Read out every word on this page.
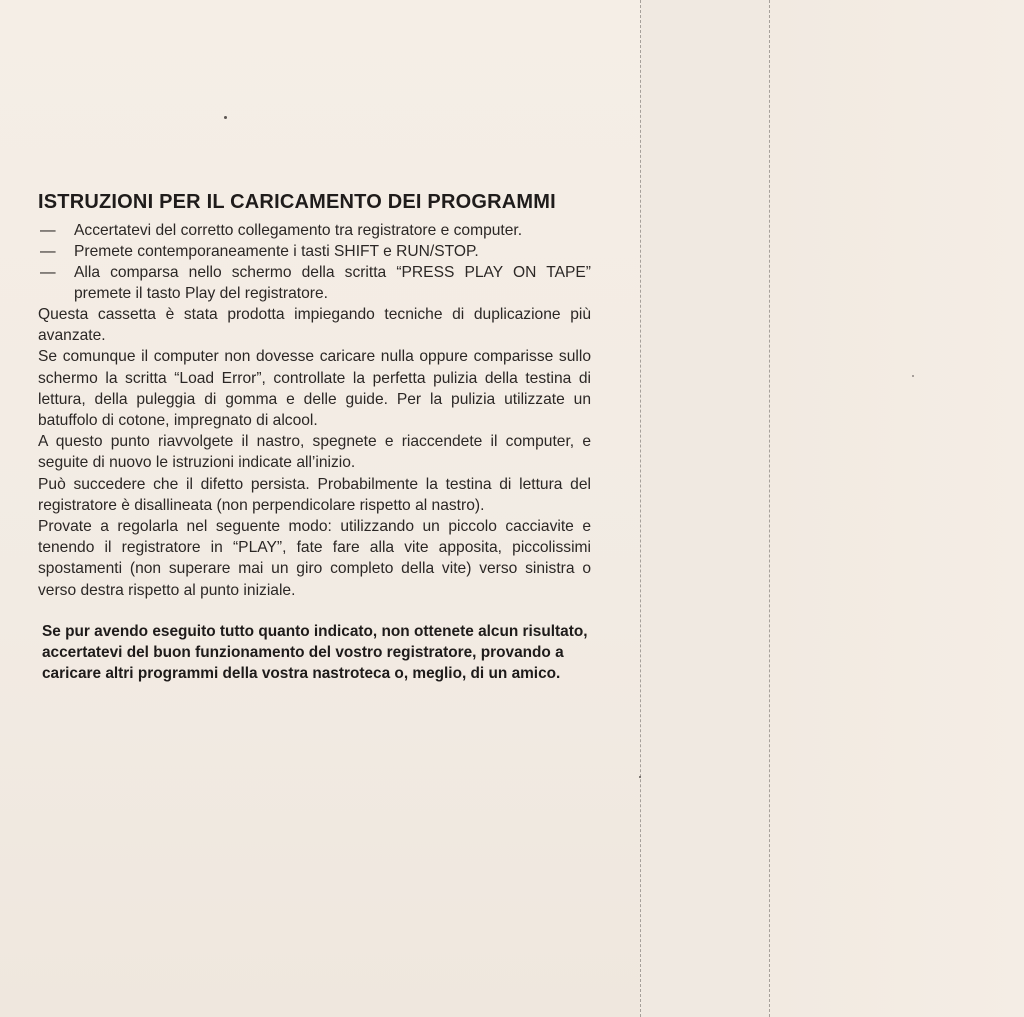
ISTRUZIONI PER IL CARICAMENTO DEI PROGRAMMI
— Accertatevi del corretto collegamento tra registratore e computer.
— Premete contemporaneamente i tasti SHIFT e RUN/STOP.
— Alla comparsa nello schermo della scritta “PRESS PLAY ON TAPE” premete il tasto Play del registratore.

Questa cassetta è stata prodotta impiegando tecniche di duplicazione più avanzate.

Se comunque il computer non dovesse caricare nulla oppure comparisse sullo schermo la scritta “Load Error”, controllate la perfetta pulizia della testina di lettura, della puleggia di gomma e delle guide. Per la pulizia utilizzate un batuffolo di cotone, impregnato di alcool.

A questo punto riavvolgete il nastro, spegnete e riaccendete il computer, e seguite di nuovo le istruzioni indicate all’inizio.

Può succedere che il difetto persista. Probabilmente la testina di lettura del registratore è disallineata (non perpendicolare rispetto al nastro).

Provate a regolarla nel seguente modo: utilizzando un piccolo cacciavite e tenendo il registratore in “PLAY”, fate fare alla vite apposita, piccolissimi spostamenti (non superare mai un giro completo della vite) verso sinistra o verso destra rispetto al punto iniziale.

Se pur avendo eseguito tutto quanto indicato, non ottenete alcun risultato, accertatevi del buon funzionamento del vostro registratore, provando a caricare altri programmi della vostra nastroteca o, meglio, di un amico.
